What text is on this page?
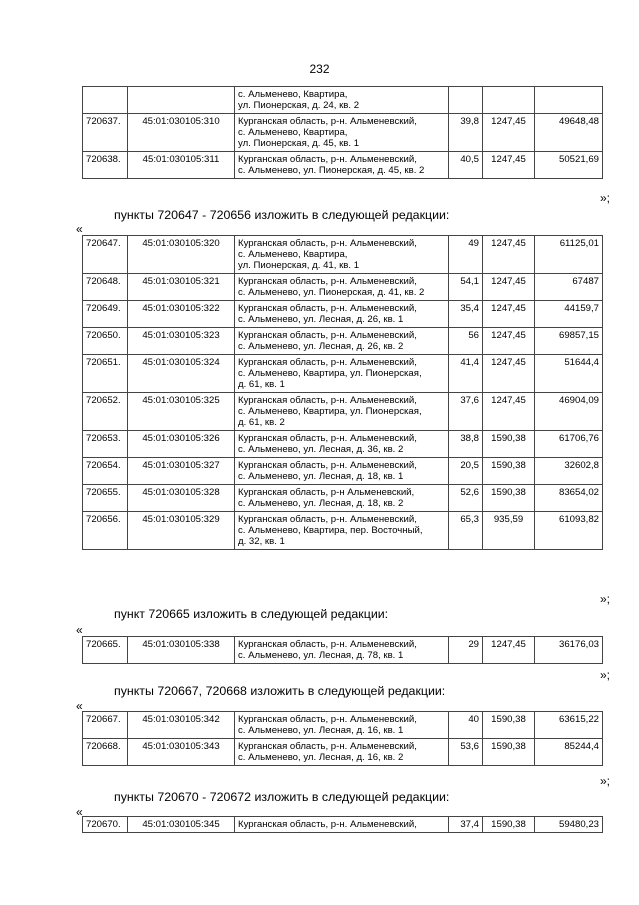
232

		с. Альменево, Квартира,
ул. Пионерская, д. 24, кв. 2			

720637.	45:01:030105:310	Курганская область, р-н. Альменевский,
с. Альменево, Квартира,
ул. Пионерская, д. 45, кв. 1	39,8	1247,45	49648,48
720638.	45:01:030105:311	Курганская область, р-н. Альменевский,
с. Альменево, ул. Пионерская, д. 45, кв. 2	40,5	1247,45	50521,69
»;
пункты 720647 - 720656 изложить в следующей редакции:
«
720647.	45:01:030105:320	Курганская область, р-н. Альменевский,
с. Альменево, Квартира,
ул. Пионерская, д. 41, кв. 1	49	1247,45	61125,01
720648.	45:01:030105:321	Курганская область, р-н. Альменевский,
с. Альменево, ул. Пионерская, д. 41, кв. 2	54,1	1247,45	67487
720649.	45:01:030105:322	Курганская область, р-н. Альменевский,
с. Альменево, ул. Лесная, д. 26, кв. 1	35,4	1247,45	44159,7
720650.	45:01:030105:323	Курганская область, р-н. Альменевский,
с. Альменево, ул. Лесная, д. 26, кв. 2	56	1247,45	69857,15
720651.	45:01:030105:324	Курганская область, р-н. Альменевский,
с. Альменево, Квартира, ул. Пионерская,
д. 61, кв. 1	41,4	1247,45	51644,4
720652.	45:01:030105:325	Курганская область, р-н. Альменевский,
с. Альменево, Квартира, ул. Пионерская,
д. 61, кв. 2	37,6	1247,45	46904,09
720653.	45:01:030105:326	Курганская область, р-н. Альменевский,
с. Альменево, ул. Лесная, д. 36, кв. 2	38,8	1590,38	61706,76
720654.	45:01:030105:327	Курганская область, р-н. Альменевский,
с. Альменево, ул. Лесная, д. 18, кв. 1	20,5	1590,38	32602,8
720655.	45:01:030105:328	Курганская область, р-н Альменевский,
с. Альменево, ул. Лесная, д. 18, кв. 2	52,6	1590,38	83654,02
720656.	45:01:030105:329	Курганская область, р-н. Альменевский,
с. Альменево, Квартира, пер. Восточный,
д. 32, кв. 1	65,3	935,59	61093,82
»;
пункт 720665 изложить в следующей редакции:
«
720665.	45:01:030105:338	Курганская область, р-н. Альменевский,
с. Альменево, ул. Лесная, д. 78, кв. 1
	29	1247,45	36176,03
»;
пункты 720667, 720668 изложить в следующей редакции:
«
720667.	45:01:030105:342	Курганская область, р-н. Альменевский,
с. Альменево, ул. Лесная, д. 16, кв. 1	40	1590,38	63615,22
720668.	45:01:030105:343	Курганская область, р-н. Альменевский,
с. Альменево, ул. Лесная, д. 16, кв. 2	53,6	1590,38	85244,4
»;
пункты 720670 - 720672 изложить в следующей редакции:
«
720670.	45:01:030105:345	Курганская область, р-н. Альменевский,	37,4	1590,38	59480,23
